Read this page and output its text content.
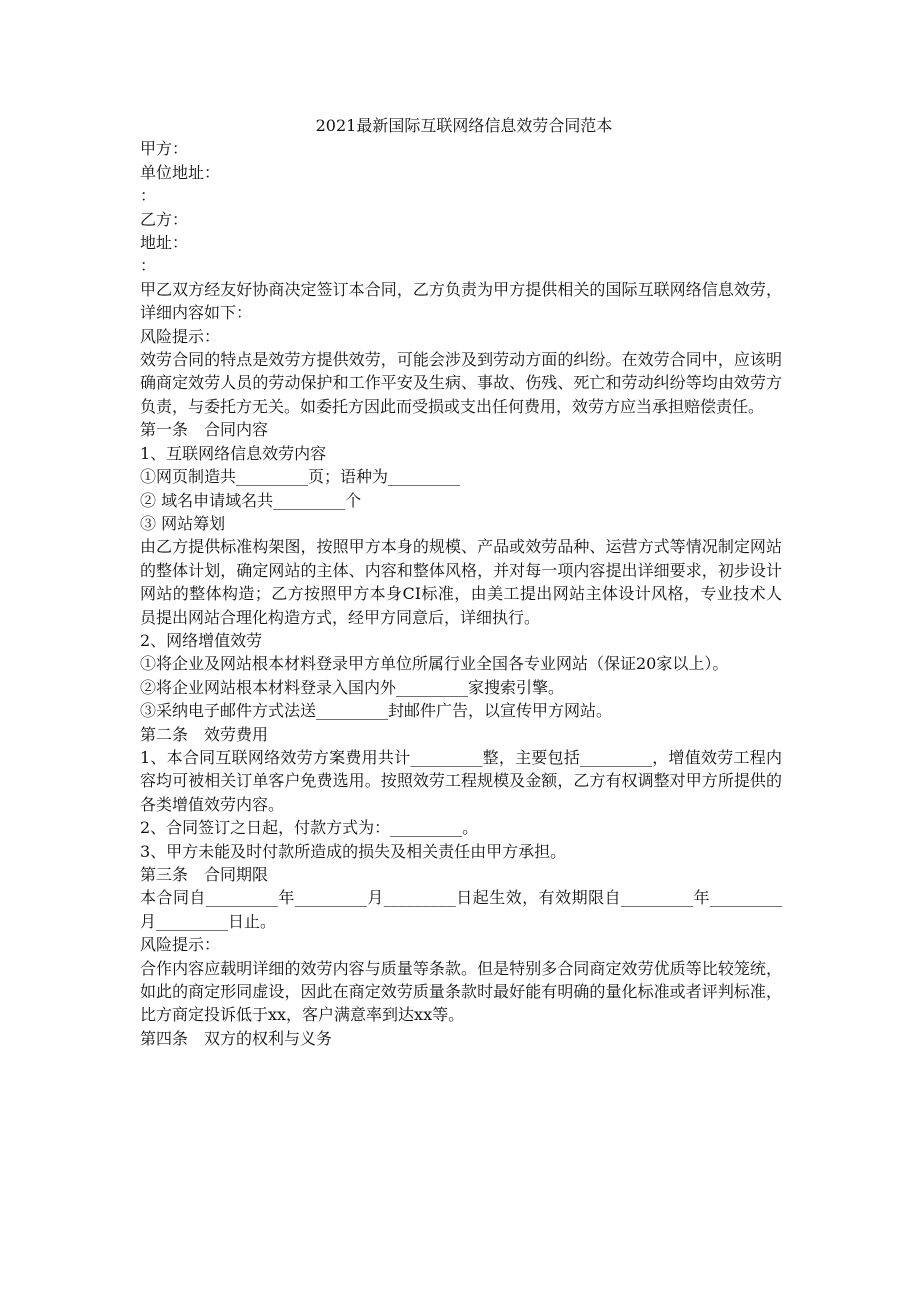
2021最新国际互联网络信息效劳合同范本

甲方：

单位地址：

：

乙方：

地址：

：

甲乙双方经友好协商决定签订本合同，乙方负责为甲方提供相关的国际互联网络信息效劳，详细内容如下：

风险提示：

效劳合同的特点是效劳方提供效劳，可能会涉及到劳动方面的纠纷。在效劳合同中，应该明确商定效劳人员的劳动保护和工作平安及生病、事故、伤残、死亡和劳动纠纷等均由效劳方负责，与委托方无关。如委托方因此而受损或支出任何费用，效劳方应当承担赔偿责任。

第一条　合同内容

1、互联网络信息效劳内容

①网页制造共_________页；语种为_________

② 域名申请域名共_________个

③ 网站筹划

由乙方提供标准构架图，按照甲方本身的规模、产品或效劳品种、运营方式等情况制定网站的整体计划，确定网站的主体、内容和整体风格，并对每一项内容提出详细要求，初步设计网站的整体构造；乙方按照甲方本身CI标准，由美工提出网站主体设计风格，专业技术人员提出网站合理化构造方式，经甲方同意后，详细执行。

2、网络增值效劳

①将企业及网站根本材料登录甲方单位所属行业全国各专业网站（保证20家以上）。

②将企业网站根本材料登录入国内外_________家搜索引擎。

③采纳电子邮件方式法送_________封邮件广告，以宣传甲方网站。

第二条　效劳费用

1、本合同互联网络效劳方案费用共计_________整，主要包括_________，增值效劳工程内容均可被相关订单客户免费选用。按照效劳工程规模及金额，乙方有权调整对甲方所提供的各类增值效劳内容。

2、合同签订之日起，付款方式为：_________。

3、甲方未能及时付款所造成的损失及相关责任由甲方承担。

第三条　合同期限

本合同自_________年_________月_________日起生效，有效期限自_________年_________月_________日止。

风险提示：

合作内容应载明详细的效劳内容与质量等条款。但是特别多合同商定效劳优质等比较笼统，如此的商定形同虚设，因此在商定效劳质量条款时最好能有明确的量化标准或者评判标准，比方商定投诉低于xx，客户满意率到达xx等。

第四条　双方的权利与义务
